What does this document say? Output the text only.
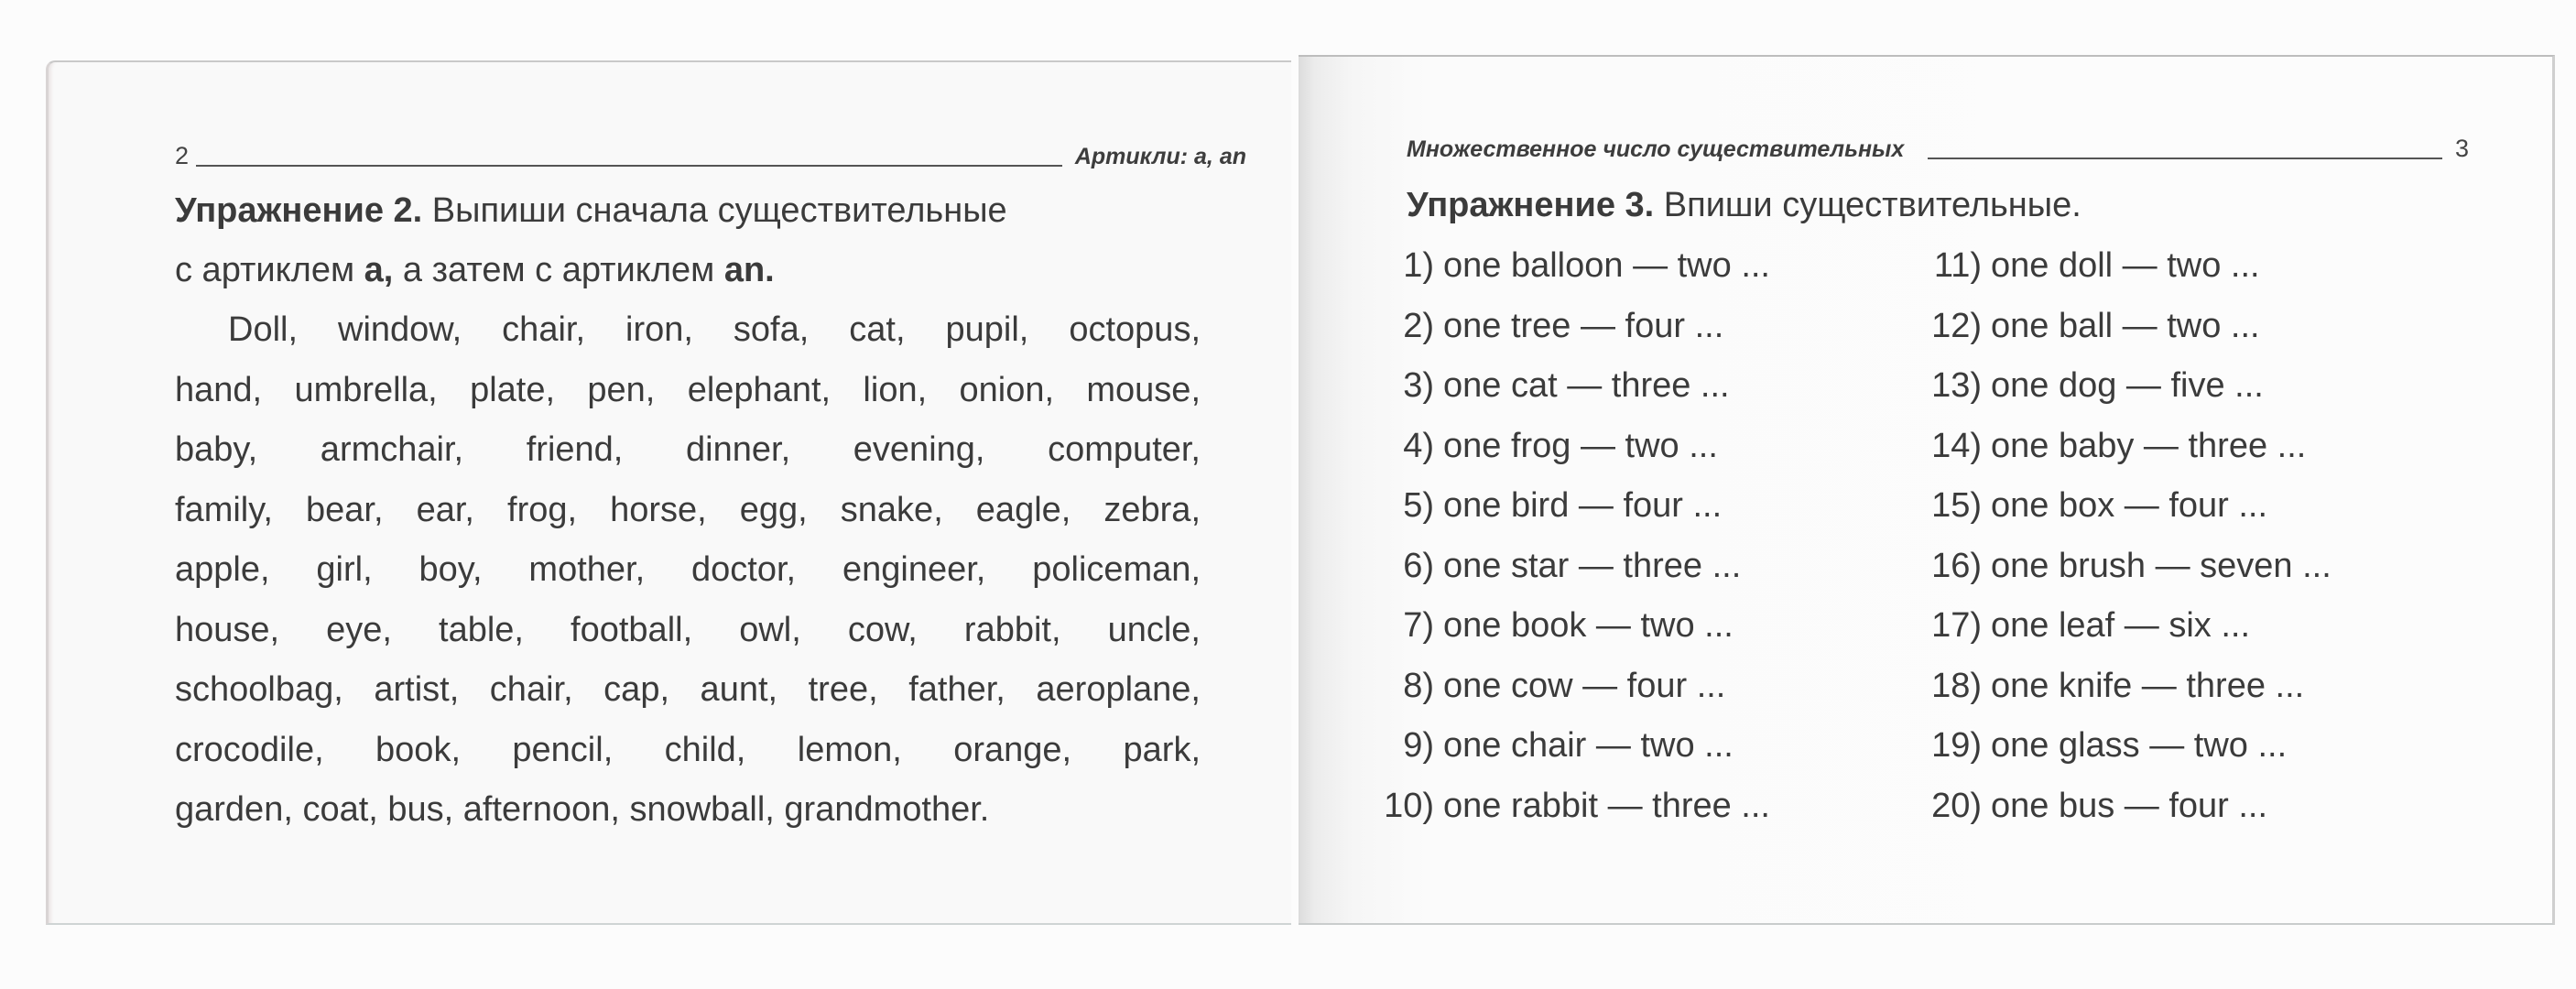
2	Артикли: a, an
Упражнение 2. Выпиши сначала существительные
с артиклем a, а затем с артиклем an.
Doll, window, chair, iron, sofa, cat, pupil, octopus,
hand, umbrella, plate, pen, elephant, lion, onion, mouse,
baby, armchair, friend, dinner, evening, computer,
family, bear, ear, frog, horse, egg, snake, eagle, zebra,
apple, girl, boy, mother, doctor, engineer, policeman,
house, eye, table, football, owl, cow, rabbit, uncle,
schoolbag, artist, chair, cap, aunt, tree, father, aeroplane,
crocodile, book, pencil, child, lemon, orange, park,
garden, coat, bus, afternoon, snowball, grandmother.
Множественное число существительных	3
Упражнение 3. Впиши существительные.
1) one balloon — two ...
2) one tree — four ...
3) one cat — three ...
4) one frog — two ...
5) one bird — four ...
6) one star — three ...
7) one book — two ...
8) one cow — four ...
9) one chair — two ...
10) one rabbit — three ...
11) one doll — two ...
12) one ball — two ...
13) one dog — five ...
14) one baby — three ...
15) one box — four ...
16) one brush — seven ...
17) one leaf — six ...
18) one knife — three ...
19) one glass — two ...
20) one bus — four ...
